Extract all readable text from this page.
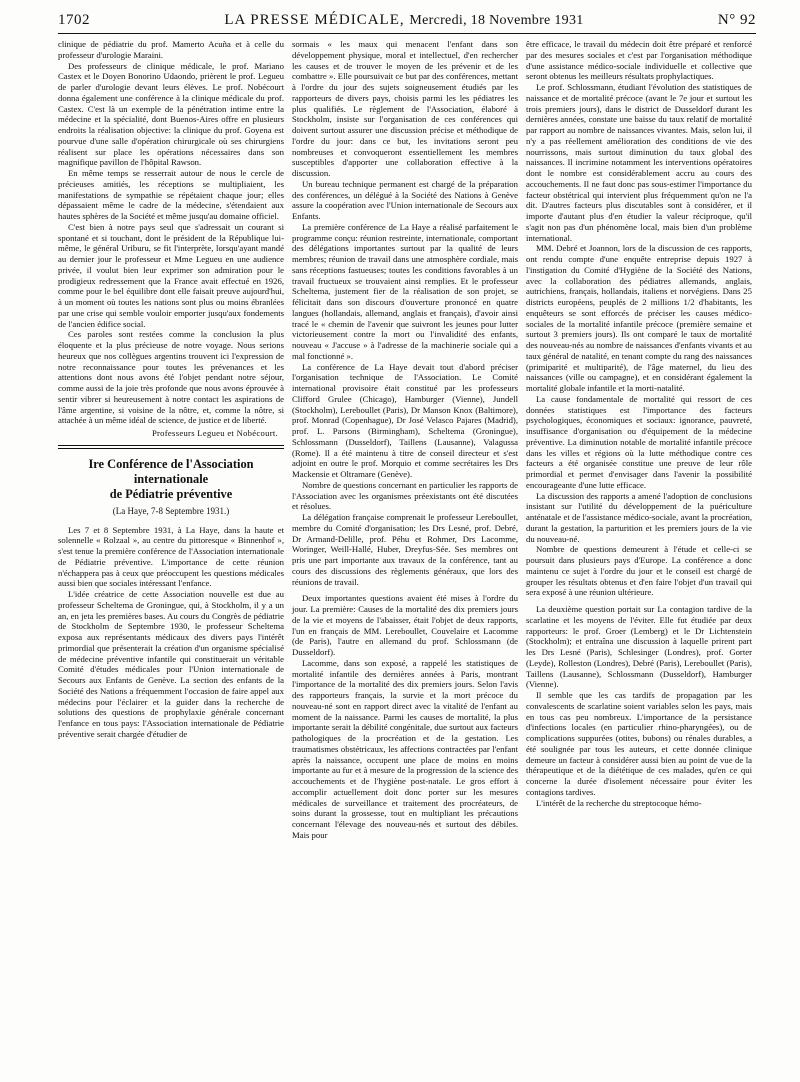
1702	LA PRESSE MÉDICALE, Mercredi, 18 Novembre 1931	N° 92

clinique de pédiatrie du prof. Mamerto Acuña et à celle du professeur d'urologie Maraini.

Des professeurs de clinique médicale, le prof. Mariano Castex et le Doyen Bonorino Udaondo, prièrent le prof. Legueu de parler d'urologie devant leurs élèves. Le prof. Nobécourt donna également une conférence à la clinique médicale du prof. Castex. C'est là un exemple de la pénétration intime entre la médecine et la spécialité, dont Buenos-Aires offre en plusieurs endroits la réalisation objective: la clinique du prof. Goyena est pourvue d'une salle d'opération chirurgicale où ses chirurgiens réalisent sur place les opérations nécessaires dans son magnifique pavillon de l'hôpital Rawson.

En même temps se resserrait autour de nous le cercle de précieuses amitiés, les réceptions se multipliaient, les manifestations de sympathie se répétaient chaque jour; elles dépassaient même le cadre de la médecine, s'étendaient aux hautes sphères de la Société et même jusqu'au domaine officiel.

C'est bien à notre pays seul que s'adressait un courant si spontané et si touchant, dont le président de la République lui-même, le général Uriburu, se fit l'interprète, lorsqu'ayant mandé au dernier jour le professeur et Mme Legueu en une audience privée, il voulut bien leur exprimer son admiration pour le prodigieux redressement que la France avait effectué en 1926, comme pour le bel équilibre dont elle faisait preuve aujourd'hui, à un moment où toutes les nations sont plus ou moins ébranlées par une crise qui semble vouloir emporter jusqu'aux fondements de l'ancien édifice social.

Ces paroles sont restées comme la conclusion la plus éloquente et la plus précieuse de notre voyage. Nous serions heureux que nos collègues argentins trouvent ici l'expression de notre reconnaissance pour toutes les prévenances et les attentions dont nous avons été l'objet pendant notre séjour, comme aussi de la joie très profonde que nous avons éprouvée à sentir vibrer si heureusement à notre contact les aspirations de l'âme argentine, si voisine de la nôtre, et, comme la nôtre, si attachée à un même idéal de science, de justice et de liberté.

Professeurs Legueu et Nobécourt.
Ire Conférence de l'Association
internationale
de Pédiatrie préventive
(La Haye, 7-8 Septembre 1931.)

Les 7 et 8 Septembre 1931, à La Haye, dans la haute et solennelle « Rolzaal », au centre du pittoresque « Binnenhof », s'est tenue la première conférence de l'Association internationale de Pédiatrie préventive. L'importance de cette réunion n'échappera pas à ceux que préoccupent les questions médicales aussi bien que sociales intéressant l'enfance.

L'idée créatrice de cette Association nouvelle est due au professeur Scheltema de Groningue, qui, à Stockholm, il y a un an, en jeta les premières bases. Au cours du Congrès de pédiatrie de Stockholm de Septembre 1930, le professeur Scheltema exposa aux représentants médicaux des divers pays l'intérêt primordial que présenterait la création d'un organisme spécialisé de médecine préventive infantile qui constituerait un véritable Comité d'études médicales pour l'Union internationale de Secours aux Enfants de Genève. La section des enfants de la Société des Nations a fréquemment l'occasion de faire appel aux médecins pour l'éclairer et la guider dans la recherche de solutions des questions de prophylaxie générale concernant l'enfance en tous pays: l'Association internationale de Pédiatrie préventive serait chargée d'étudier de

sormais « les maux qui menacent l'enfant dans son développement physique, moral et intellectuel, d'en rechercher les causes et de trouver le moyen de les prévenir et de les combattre ». Elle poursuivait ce but par des conférences, mettant à l'ordre du jour des sujets soigneusement étudiés par les rapporteurs de divers pays, choisis parmi les les pédiatres les plus qualifiés. Le règlement de l'Association, élaboré à Stockholm, insiste sur l'organisation de ces conférences qui doivent surtout assurer une discussion précise et méthodique de l'ordre du jour: dans ce but, les invitations seront peu nombreuses et convoqueront essentiellement les membres susceptibles d'apporter une collaboration effective à la discussion.

Un bureau technique permanent est chargé de la préparation des conférences, un délégué à la Société des Nations à Genève assure la coopération avec l'Union internationale de Secours aux Enfants.

La première conférence de La Haye a réalisé parfaitement le programme conçu: réunion restreinte, internationale, comportant des délégations importantes surtout par la qualité de leurs membres; réunion de travail dans une atmosphère cordiale, mais sans réceptions fastueuses; toutes les conditions favorables à un travail fructueux se trouvaient ainsi remplies. Et le professeur Scheltema, justement fier de la réalisation de son projet, se félicitait dans son discours d'ouverture prononcé en quatre langues (hollandais, allemand, anglais et français), d'avoir ainsi tracé le « chemin de l'avenir que suivront les jeunes pour lutter victorieusement contre la mort ou l'invalidité des enfants, nouveau « J'accuse » à l'adresse de la machinerie sociale qui a mal fonctionné ».

La conférence de La Haye devait tout d'abord préciser l'organisation technique de l'Association. Le Comité international provisoire était constitué par les professeurs Clifford Grulee (Chicago), Hamburger (Vienne), Jundell (Stockholm), Lereboullet (Paris), Dr Manson Knox (Baltimore), prof. Monrad (Copenhague), Dr José Velasco Pajares (Madrid), prof. L. Parsons (Birmingham), Scheltema (Groningue), Schlossmann (Dusseldorf), Taillens (Lausanne), Valagussa (Rome). Il a été maintenu à titre de conseil directeur et s'est adjoint en outre le prof. Morquio et comme secrétaires les Drs Mackensie et Oltramare (Genève).

Nombre de questions concernant en particulier les rapports de l'Association avec les organismes préexistants ont été discutées et résolues.

La délégation française comprenait le professeur Lereboullet, membre du Comité d'organisation; les Drs Lesné, prof. Debré, Dr Armand-Delille, prof. Péhu et Rohmer, Drs Lacomme, Woringer, Weill-Hallé, Huber, Dreyfus-Sée. Ses membres ont pris une part importante aux travaux de la conférence, tant au cours des discussions des règlements généraux, que lors des réunions de travail.

Deux importantes questions avaient été mises à l'ordre du jour. La première: Causes de la mortalité des dix premiers jours de la vie et moyens de l'abaisser, était l'objet de deux rapports, l'un en français de MM. Lereboullet, Couvelaire et Lacomme (de Paris), l'autre en allemand du prof. Schlossmann (de Dusseldorf).

Lacomme, dans son exposé, a rappelé les statistiques de mortalité infantile des dernières années à Paris, montrant l'importance de la mortalité des dix premiers jours. Selon l'avis des rapporteurs français, la survie et la mort précoce du nouveau-né sont en rapport direct avec la vitalité de l'enfant au moment de la naissance. Parmi les causes de mortalité, la plus importante serait la débilité congénitale, due surtout aux facteurs pathologiques de la procréation et de la gestation. Les traumatismes obstétricaux, les affections contractées par l'enfant après la naissance, occupent une place de moins en moins importante au fur et à mesure de la progression de la science des accouchements et de l'hygiène post-natale. Le gros effort à accomplir actuellement doit donc porter sur les mesures médicales de surveillance et traitement des procréateurs, de soins durant la grossesse, tout en multipliant les précautions concernant l'élevage des nouveau-nés et surtout des débiles. Mais pour

être efficace, le travail du médecin doit être préparé et renforcé par des mesures sociales et c'est par l'organisation méthodique d'une assistance médico-sociale individuelle et collective que seront obtenus les meilleurs résultats prophylactiques.

Le prof. Schlossmann, étudiant l'évolution des statistiques de naissance et de mortalité précoce (avant le 7e jour et surtout les trois premiers jours), dans le district de Dusseldorf durant les dernières années, constate une baisse du taux relatif de mortalité par rapport au nombre de naissances vivantes. Mais, selon lui, il n'y a pas réellement amélioration des conditions de vie des nourrissons, mais surtout diminution du taux global des naissances. Il incrimine notamment les interventions opératoires dont le nombre est considérablement accru au cours des accouchements. Il ne faut donc pas sous-estimer l'importance du facteur obstétrical qui intervient plus fréquemment qu'on ne l'a dit. D'autres facteurs plus discutables sont à considérer, et il importe d'autant plus d'en étudier la valeur réciproque, qu'il s'agit non pas d'un phénomène local, mais bien d'un problème international.

MM. Debré et Joannon, lors de la discussion de ces rapports, ont rendu compte d'une enquête entreprise depuis 1927 à l'instigation du Comité d'Hygiène de la Société des Nations, avec la collaboration des pédiatres allemands, anglais, autrichiens, français, hollandais, italiens et norvégiens. Dans 25 districts européens, peuplés de 2 millions 1/2 d'habitants, les enquêteurs se sont efforcés de préciser les causes médico-sociales de la mortalité infantile précoce (première semaine et surtout 3 premiers jours). Ils ont comparé le taux de mortalité des nouveau-nés au nombre de naissances d'enfants vivants et au taux général de natalité, en tenant compte du rang des naissances (primiparité et multiparité), de l'âge maternel, du lieu des naissances (ville ou campagne), et en considérant également la mortalité globale infantile et la morti-natalité.

La cause fondamentale de mortalité qui ressort de ces données statistiques est l'importance des facteurs psychologiques, économiques et sociaux: ignorance, pauvreté, insuffisance d'organisation ou d'équipement de la médecine préventive. La diminution notable de mortalité infantile précoce dans les villes et régions où la lutte méthodique contre ces facteurs a été organisée constitue une preuve de leur rôle primordial et permet d'envisager dans l'avenir la possibilité encourageante d'une lutte efficace.

La discussion des rapports a amené l'adoption de conclusions insistant sur l'utilité du développement de la puériculture anténatale et de l'assistance médico-sociale, avant la procréation, durant la gestation, la parturition et les premiers jours de la vie du nouveau-né.

Nombre de questions demeurent à l'étude et celle-ci se poursuit dans plusieurs pays d'Europe. La conférence a donc maintenu ce sujet à l'ordre du jour et le conseil est chargé de grouper les résultats obtenus et d'en faire l'objet d'un travail qui sera exposé à une réunion ultérieure.

La deuxième question portait sur La contagion tardive de la scarlatine et les moyens de l'éviter. Elle fut étudiée par deux rapporteurs: le prof. Groer (Lemberg) et le Dr Lichtenstein (Stockholm); et entraîna une discussion à laquelle prirent part les Drs Lesné (Paris), Schlesinger (Londres), prof. Gorter (Leyde), Rolleston (Londres), Debré (Paris), Lereboullet (Paris), Taillens (Lausanne), Schlossmann (Dusseldorf), Hamburger (Vienne).

Il semble que les cas tardifs de propagation par les convalescents de scarlatine soient variables selon les pays, mais en tous cas peu nombreux. L'importance de la persistance d'infections locales (en particulier rhino-pharyngées), ou de complications suppurées (otites, bubons) ou rénales durables, a été soulignée par tous les auteurs, et cette donnée clinique demeure un facteur à considérer aussi bien au point de vue de la thérapeutique et de la diététique de ces malades, qu'en ce qui concerne la durée d'isolement nécessaire pour éviter les contagions tardives.

L'intérêt de la recherche du streptocoque hémo-
